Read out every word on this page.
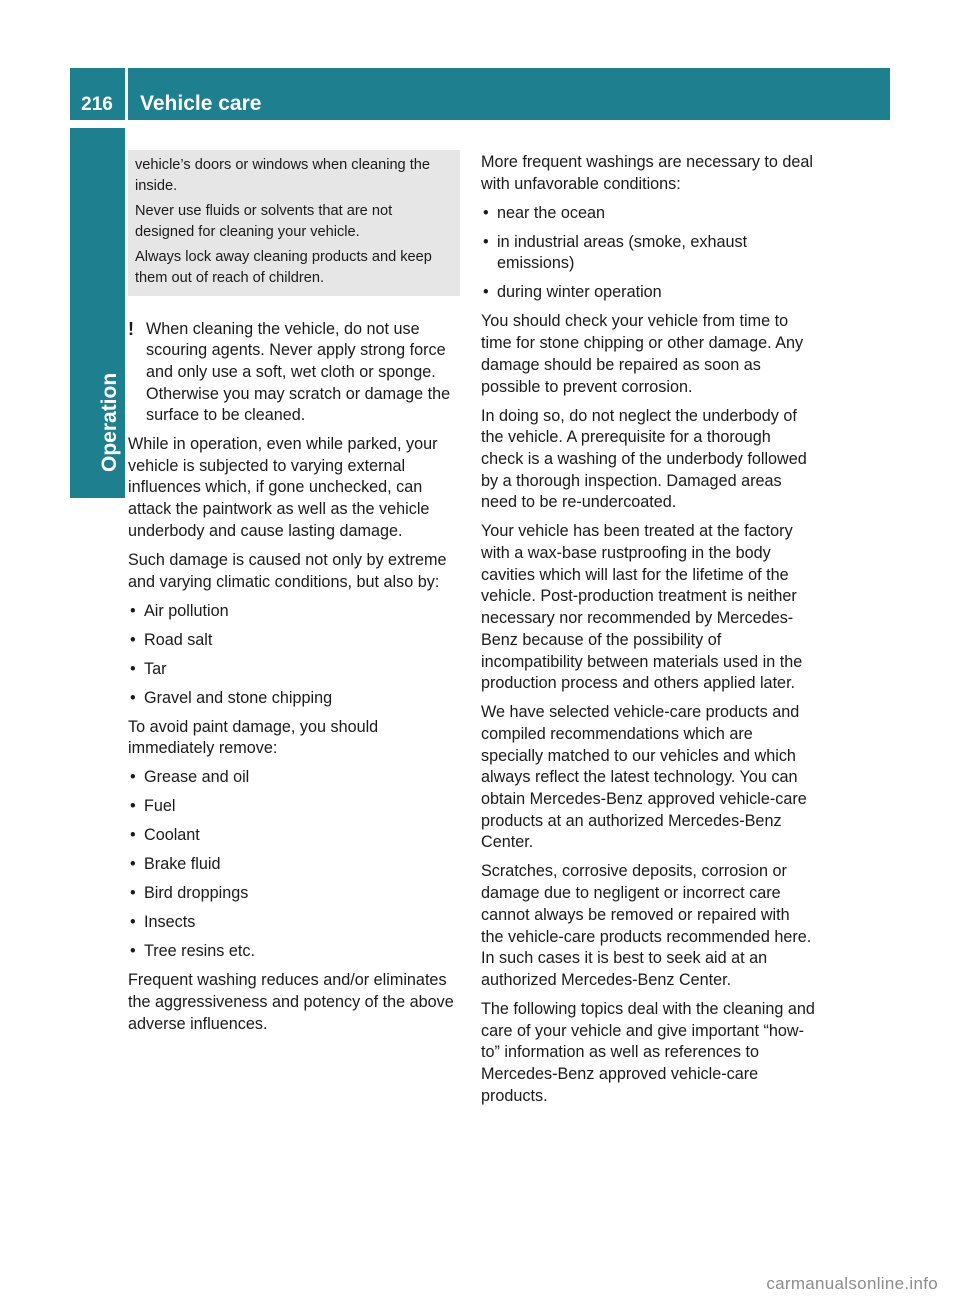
216	Vehicle care
Operation

vehicle’s doors or windows when cleaning the inside.

Never use fluids or solvents that are not designed for cleaning your vehicle.

Always lock away cleaning products and keep them out of reach of children.

! When cleaning the vehicle, do not use scouring agents. Never apply strong force and only use a soft, wet cloth or sponge. Otherwise you may scratch or damage the surface to be cleaned.

While in operation, even while parked, your vehicle is subjected to varying external influences which, if gone unchecked, can attack the paintwork as well as the vehicle underbody and cause lasting damage.

Such damage is caused not only by extreme and varying climatic conditions, but also by:

• Air pollution

• Road salt

• Tar

• Gravel and stone chipping

To avoid paint damage, you should immediately remove:

• Grease and oil

• Fuel

• Coolant

• Brake fluid

• Bird droppings

• Insects

• Tree resins etc.

Frequent washing reduces and/or eliminates the aggressiveness and potency of the above adverse influences.

More frequent washings are necessary to deal with unfavorable conditions:

• near the ocean

• in industrial areas (smoke, exhaust emissions)

• during winter operation

You should check your vehicle from time to time for stone chipping or other damage. Any damage should be repaired as soon as possible to prevent corrosion.

In doing so, do not neglect the underbody of the vehicle. A prerequisite for a thorough check is a washing of the underbody followed by a thorough inspection. Damaged areas need to be re-undercoated.

Your vehicle has been treated at the factory with a wax-base rustproofing in the body cavities which will last for the lifetime of the vehicle. Post-production treatment is neither necessary nor recommended by Mercedes-Benz because of the possibility of incompatibility between materials used in the production process and others applied later.

We have selected vehicle-care products and compiled recommendations which are specially matched to our vehicles and which always reflect the latest technology. You can obtain Mercedes-Benz approved vehicle-care products at an authorized Mercedes-Benz Center.

Scratches, corrosive deposits, corrosion or damage due to negligent or incorrect care cannot always be removed or repaired with the vehicle-care products recommended here. In such cases it is best to seek aid at an authorized Mercedes-Benz Center.

The following topics deal with the cleaning and care of your vehicle and give important “how-to” information as well as references to Mercedes-Benz approved vehicle-care products.

carmanualsonline.info
